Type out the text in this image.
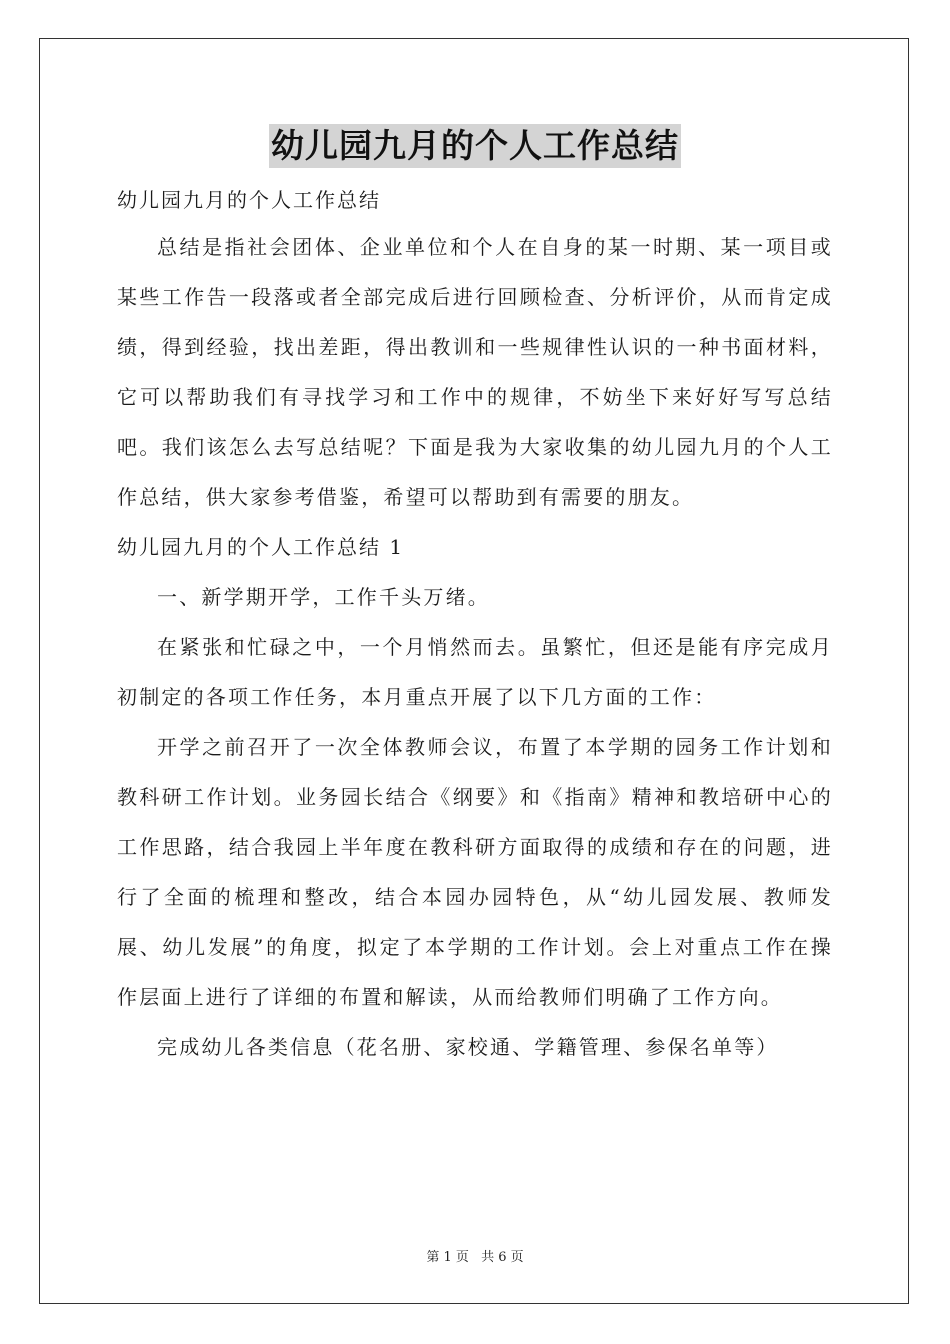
幼儿园九月的个人工作总结

幼儿园九月的个人工作总结

总结是指社会团体、企业单位和个人在自身的某一时期、某一项目或某些工作告一段落或者全部完成后进行回顾检查、分析评价，从而肯定成绩，得到经验，找出差距，得出教训和一些规律性认识的一种书面材料，它可以帮助我们有寻找学习和工作中的规律，不妨坐下来好好写写总结吧。我们该怎么去写总结呢？下面是我为大家收集的幼儿园九月的个人工作总结，供大家参考借鉴，希望可以帮助到有需要的朋友。

幼儿园九月的个人工作总结 1

一、新学期开学，工作千头万绪。

在紧张和忙碌之中，一个月悄然而去。虽繁忙，但还是能有序完成月初制定的各项工作任务，本月重点开展了以下几方面的工作：

开学之前召开了一次全体教师会议，布置了本学期的园务工作计划和教科研工作计划。业务园长结合《纲要》和《指南》精神和教培研中心的工作思路，结合我园上半年度在教科研方面取得的成绩和存在的问题，进行了全面的梳理和整改，结合本园办园特色，从“幼儿园发展、教师发展、幼儿发展”的角度，拟定了本学期的工作计划。会上对重点工作在操作层面上进行了详细的布置和解读，从而给教师们明确了工作方向。

完成幼儿各类信息（花名册、家校通、学籍管理、参保名单等）

第 1 页 共 6 页
